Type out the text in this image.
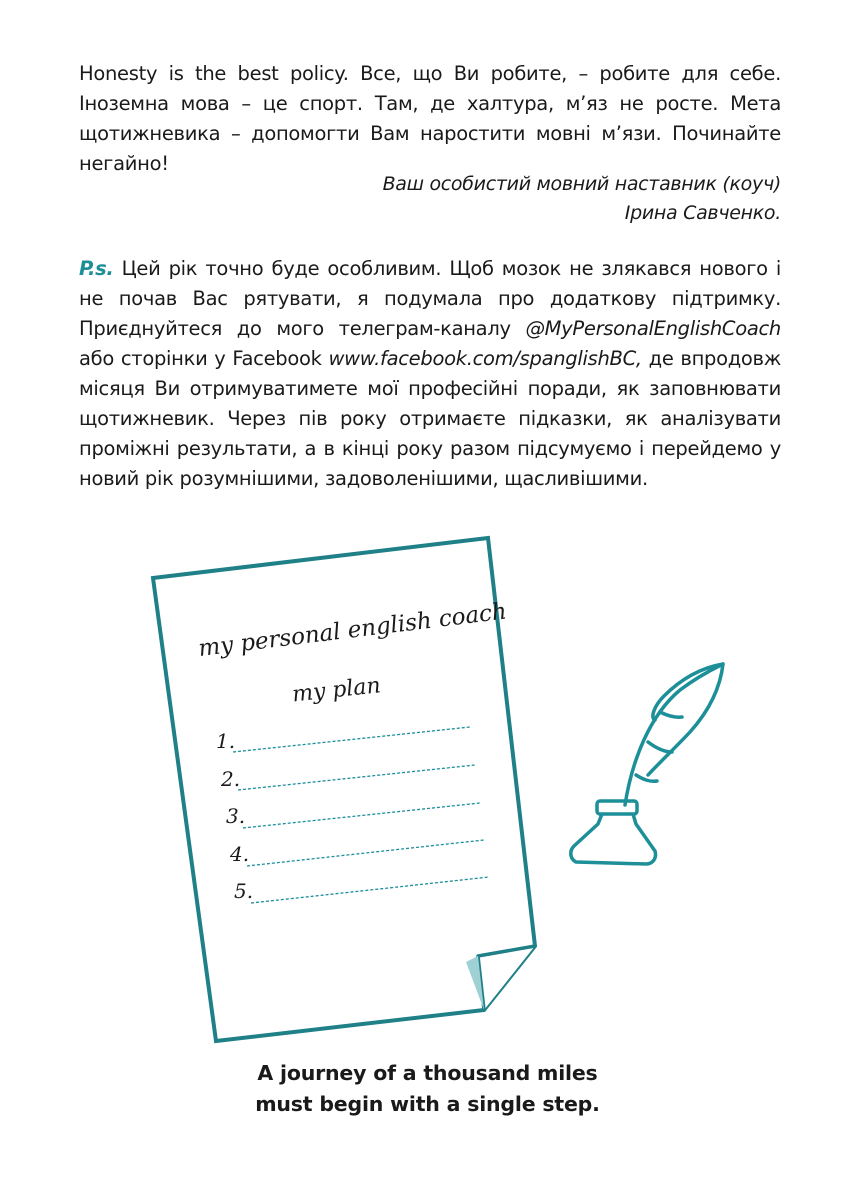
Honesty is the best policy. Все, що Ви робите, – робите для себе. Іноземна мова – це спорт. Там, де халтура, м’яз не росте. Мета щотижневика – допомогти Вам наростити мовні м’язи. Починайте негайно!

Ваш особистий мовний наставник (коуч)
Ірина Савченко.

P.s. Цей рік точно буде особливим. Щоб мозок не злякався нового і не почав Вас рятувати, я подумала про додаткову підтримку. Приєднуйтеся до мого телеграм-каналу @MyPersonalEnglishCoach або сторінки у Facebook www.facebook.com/spanglishBC, де впродовж місяця Ви отримуватимете мої професійні поради, як заповнювати щотижневик. Через пів року отримаєте підказки, як аналізувати проміжні результати, а в кінці року разом підсумуємо і перейдемо у новий рік розумнішими, задоволенішими, щасливішими.

my personal english coach
my plan
1.
2.
3.
4.
5.
A journey of a thousand miles
must begin with a single step.
